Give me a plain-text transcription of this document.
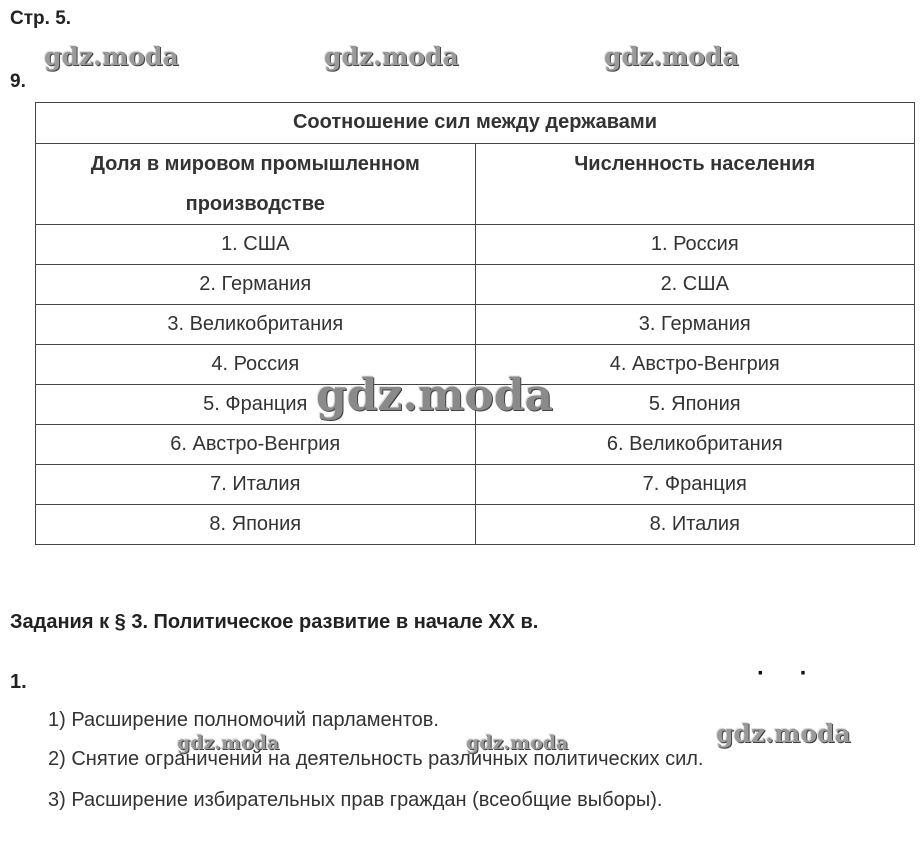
Стр. 5.
9.
Соотношение сил между державами	
Доля в мировом промышленном производстве	Численность населения
1. США	1. Россия
2. Германия	2. США
3. Великобритания	3. Германия
4. Россия	4. Австро-Венгрия
5. Франция	5. Япония
6. Австро-Венгрия	6. Великобритания
7. Италия	7. Франция
8. Япония	8. Италия
Задания к § 3. Политическое развитие в начале XX в.
1.	· ·
1) Расширение полномочий парламентов.
2) Снятие ограничений на деятельность различных политических сил.
3) Расширение избирательных прав граждан (всеобщие выборы).
gdz.moda	gdz.moda	gdz.moda
gdz.moda
gdz.moda	gdz.moda	gdz.moda
